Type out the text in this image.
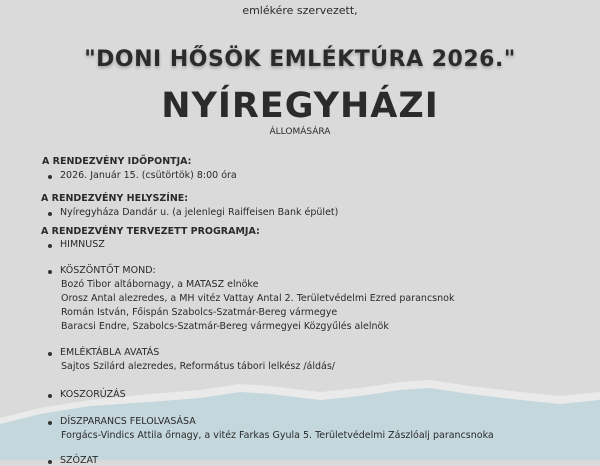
emlékére szervezett,
"DONI HŐSÖK EMLÉKTÚRA 2026."
NYÍREGYHÁZI
ÁLLOMÁSÁRA
A RENDEZVÉNY IDŐPONTJA:
2026. Január 15. (csütörtök) 8:00 óra
A RENDEZVÉNY HELYSZÍNE:
Nyíregyháza Dandár u. (a jelenlegi Raiffeisen Bank épület)
A RENDEZVÉNY TERVEZETT PROGRAMJA:
HIMNUSZ
KÖSZÖNTŐT MOND:
Bozó Tibor altábornagy, a MATASZ elnöke
Orosz Antal alezredes, a MH vitéz Vattay Antal 2. Területvédelmi Ezred parancsnok
Román István, Főispán Szabolcs-Szatmár-Bereg vármegye
Baracsi Endre, Szabolcs-Szatmár-Bereg vármegyei Közgyűlés alelnök
EMLÉKTÁBLA AVATÁS
Sajtos Szilárd alezredes, Református tábori lelkész /áldás/
KOSZORÚZÁS
DÍSZPARANCS FELOLVASÁSA
Forgács-Vindics Attila őrnagy, a vitéz Farkas Gyula 5. Területvédelmi Zászlóalj parancsnoka
SZÓZAT
